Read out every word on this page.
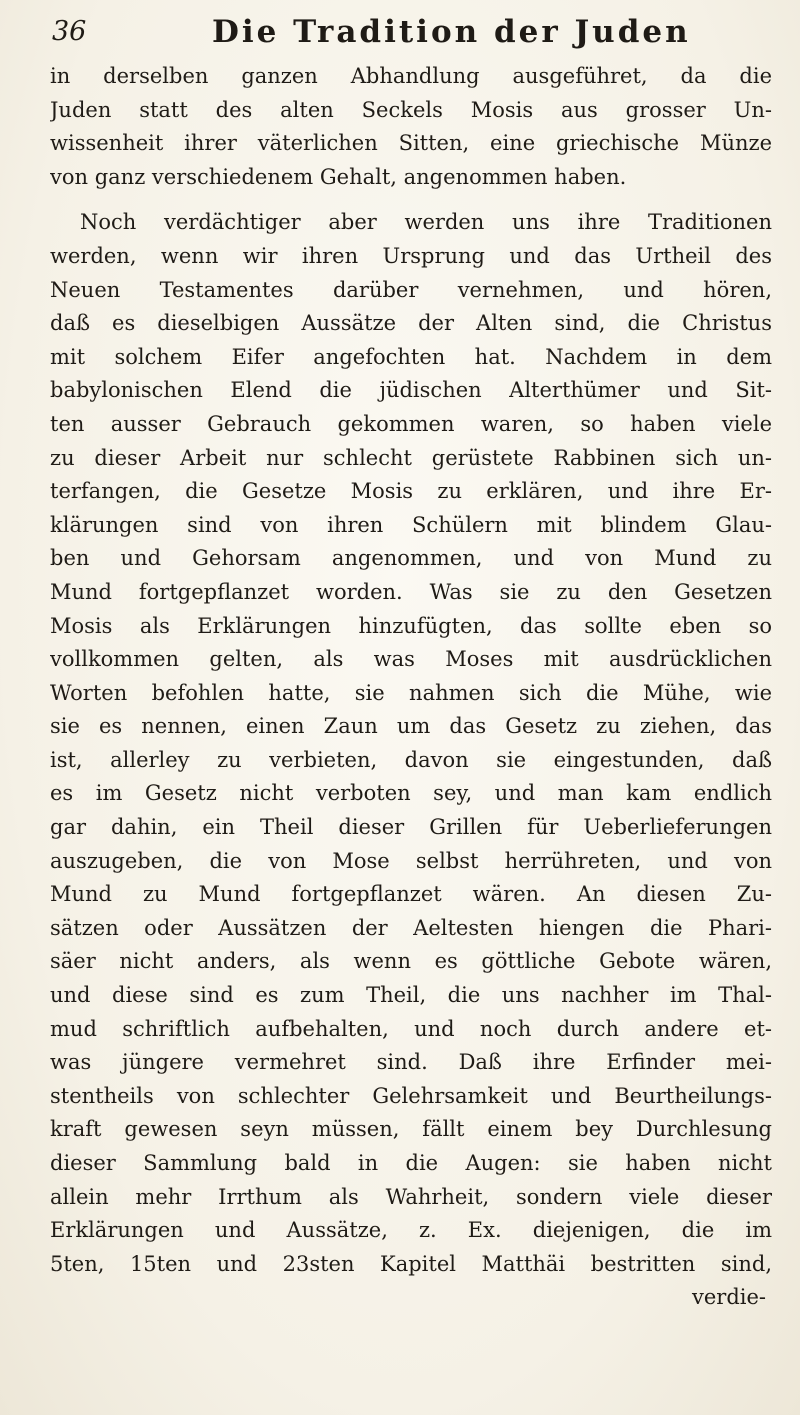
36	Die Tradition der Juden
in derselben ganzen Abhandlung ausgeführet, da die
Juden statt des alten Seckels Mosis aus grosser Un-
wissenheit ihrer väterlichen Sitten, eine griechische Münze
von ganz verschiedenem Gehalt, angenommen haben.
Noch verdächtiger aber werden uns ihre Traditionen
werden, wenn wir ihren Ursprung und das Urtheil des
Neuen Testamentes darüber vernehmen, und hören,
daß es dieselbigen Aussätze der Alten sind, die Christus
mit solchem Eifer angefochten hat. Nachdem in dem
babylonischen Elend die jüdischen Alterthümer und Sit-
ten ausser Gebrauch gekommen waren, so haben viele
zu dieser Arbeit nur schlecht gerüstete Rabbinen sich un-
terfangen, die Gesetze Mosis zu erklären, und ihre Er-
klärungen sind von ihren Schülern mit blindem Glau-
ben und Gehorsam angenommen, und von Mund zu
Mund fortgepflanzet worden. Was sie zu den Gesetzen
Mosis als Erklärungen hinzufügten, das sollte eben so
vollkommen gelten, als was Moses mit ausdrücklichen
Worten befohlen hatte, sie nahmen sich die Mühe, wie
sie es nennen, einen Zaun um das Gesetz zu ziehen, das
ist, allerley zu verbieten, davon sie eingestunden, daß
es im Gesetz nicht verboten sey, und man kam endlich
gar dahin, ein Theil dieser Grillen für Ueberlieferungen
auszugeben, die von Mose selbst herrühreten, und von
Mund zu Mund fortgepflanzet wären. An diesen Zu-
sätzen oder Aussätzen der Aeltesten hiengen die Phari-
säer nicht anders, als wenn es göttliche Gebote wären,
und diese sind es zum Theil, die uns nachher im Thal-
mud schriftlich aufbehalten, und noch durch andere et-
was jüngere vermehret sind. Daß ihre Erfinder mei-
stentheils von schlechter Gelehrsamkeit und Beurtheilungs-
kraft gewesen seyn müssen, fällt einem bey Durchlesung
dieser Sammlung bald in die Augen: sie haben nicht
allein mehr Irrthum als Wahrheit, sondern viele dieser
Erklärungen und Aussätze, z. Ex. diejenigen, die im
5ten, 15ten und 23sten Kapitel Matthäi bestritten sind,
verdie-
